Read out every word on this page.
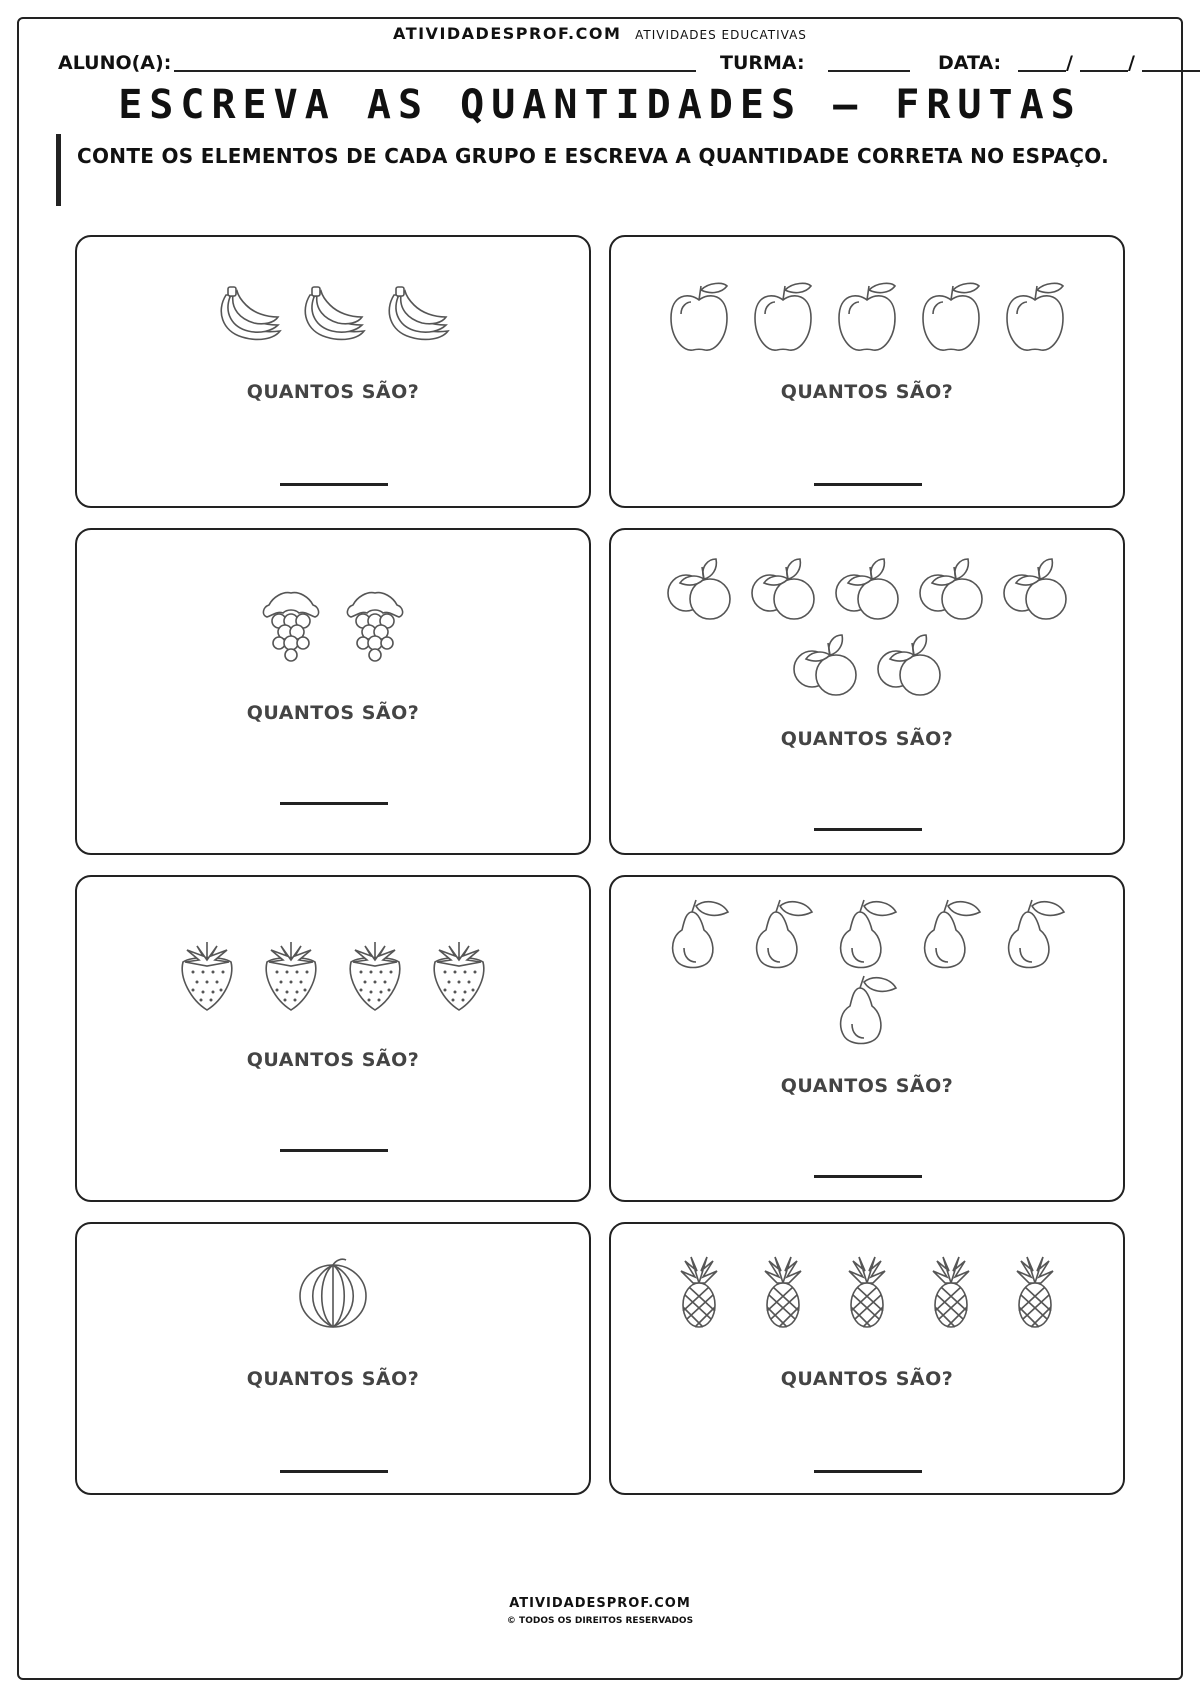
ATIVIDADESPROF.COM ATIVIDADES EDUCATIVAS
ALUNO(A):	TURMA:	DATA:	/	/
ESCREVA AS QUANTIDADES — FRUTAS
CONTE OS ELEMENTOS DE CADA GRUPO E ESCREVA A QUANTIDADE CORRETA NO ESPAÇO.
QUANTOS SÃO?	QUANTOS SÃO?
QUANTOS SÃO?
QUANTOS SÃO?
QUANTOS SÃO?
QUANTOS SÃO?
QUANTOS SÃO?	QUANTOS SÃO?
ATIVIDADESPROF.COM
© TODOS OS DIREITOS RESERVADOS
